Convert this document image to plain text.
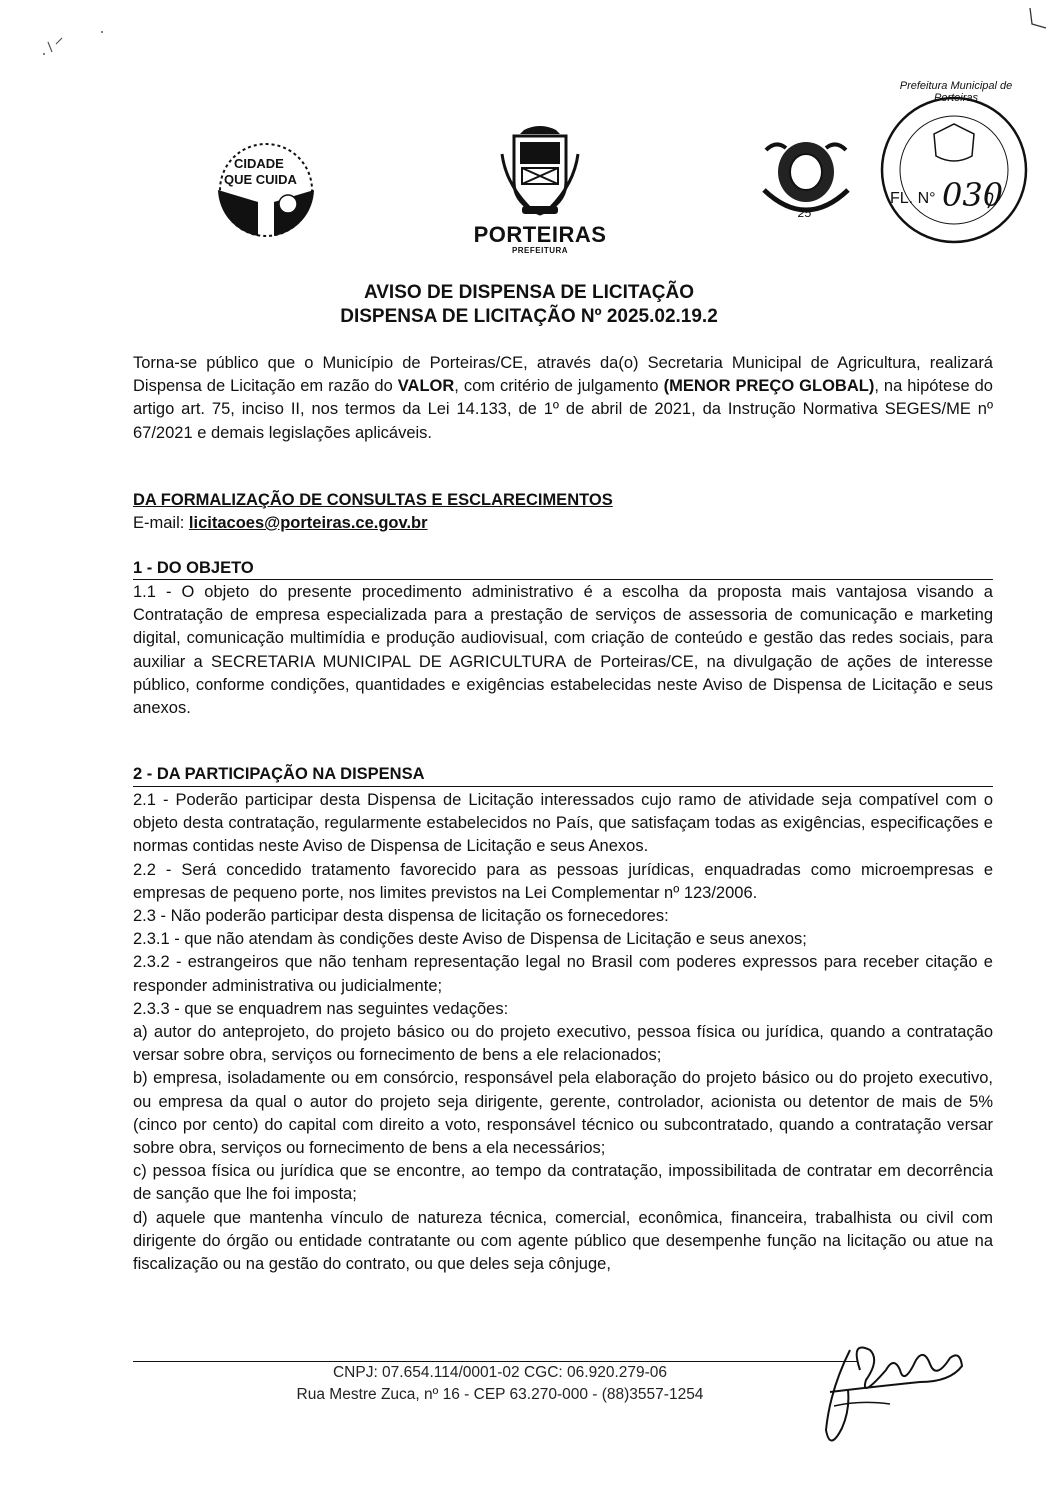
CIDADE
QUE CUIDA
PORTEIRAS
PREFEITURA
25
Prefeitura Municipal de Porteiras
FL. N° 030
AVISO DE DISPENSA DE LICITAÇÃO
DISPENSA DE LICITAÇÃO Nº 2025.02.19.2
Torna-se público que o Município de Porteiras/CE, através da(o) Secretaria Municipal de Agricultura, realizará Dispensa de Licitação em razão do VALOR, com critério de julgamento (MENOR PREÇO GLOBAL), na hipótese do artigo art. 75, inciso II, nos termos da Lei 14.133, de 1º de abril de 2021, da Instrução Normativa SEGES/ME nº 67/2021 e demais legislações aplicáveis.
DA FORMALIZAÇÃO DE CONSULTAS E ESCLARECIMENTOS
E-mail: licitacoes@porteiras.ce.gov.br
1 - DO OBJETO
1.1 - O objeto do presente procedimento administrativo é a escolha da proposta mais vantajosa visando a Contratação de empresa especializada para a prestação de serviços de assessoria de comunicação e marketing digital, comunicação multimídia e produção audiovisual, com criação de conteúdo e gestão das redes sociais, para auxiliar a SECRETARIA MUNICIPAL DE AGRICULTURA de Porteiras/CE, na divulgação de ações de interesse público, conforme condições, quantidades e exigências estabelecidas neste Aviso de Dispensa de Licitação e seus anexos.
2 - DA PARTICIPAÇÃO NA DISPENSA

2.1 - Poderão participar desta Dispensa de Licitação interessados cujo ramo de atividade seja compatível com o objeto desta contratação, regularmente estabelecidos no País, que satisfaçam todas as exigências, especificações e normas contidas neste Aviso de Dispensa de Licitação e seus Anexos.

2.2 - Será concedido tratamento favorecido para as pessoas jurídicas, enquadradas como microempresas e empresas de pequeno porte, nos limites previstos na Lei Complementar nº 123/2006.

2.3 - Não poderão participar desta dispensa de licitação os fornecedores:

2.3.1 - que não atendam às condições deste Aviso de Dispensa de Licitação e seus anexos;

2.3.2 - estrangeiros que não tenham representação legal no Brasil com poderes expressos para receber citação e responder administrativa ou judicialmente;

2.3.3 - que se enquadrem nas seguintes vedações:

a) autor do anteprojeto, do projeto básico ou do projeto executivo, pessoa física ou jurídica, quando a contratação versar sobre obra, serviços ou fornecimento de bens a ele relacionados;

b) empresa, isoladamente ou em consórcio, responsável pela elaboração do projeto básico ou do projeto executivo, ou empresa da qual o autor do projeto seja dirigente, gerente, controlador, acionista ou detentor de mais de 5% (cinco por cento) do capital com direito a voto, responsável técnico ou subcontratado, quando a contratação versar sobre obra, serviços ou fornecimento de bens a ela necessários;

c) pessoa física ou jurídica que se encontre, ao tempo da contratação, impossibilitada de contratar em decorrência de sanção que lhe foi imposta;

d) aquele que mantenha vínculo de natureza técnica, comercial, econômica, financeira, trabalhista ou civil com dirigente do órgão ou entidade contratante ou com agente público que desempenhe função na licitação ou atue na fiscalização ou na gestão do contrato, ou que deles seja cônjuge,

CNPJ: 07.654.114/0001-02 CGC: 06.920.279-06
Rua Mestre Zuca, nº 16 - CEP 63.270-000 - (88)3557-1254
